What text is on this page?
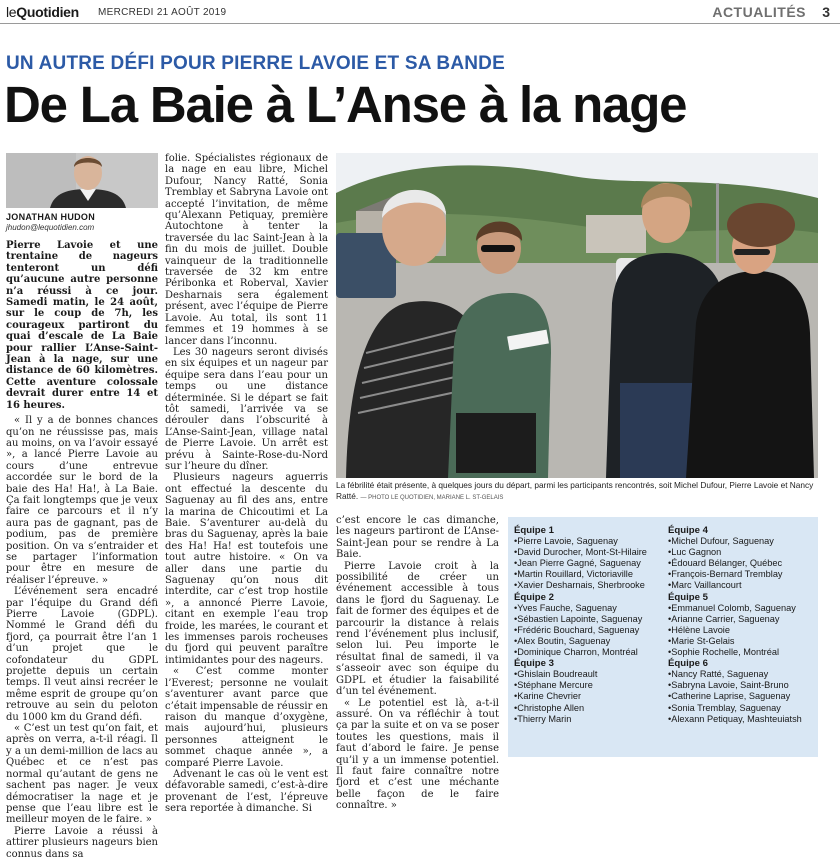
leQuotidien MERCREDI 21 AOÛT 2019	ACTUALITÉS 3
UN AUTRE DÉFI POUR PIERRE LAVOIE ET SA BANDE
De La Baie à L’Anse à la nage
JONATHAN HUDON
jhudon@lequotidien.com

Pierre Lavoie et une trentaine de nageurs tenteront un défi qu’aucune autre personne n’a réussi à ce jour. Samedi matin, le 24 août, sur le coup de 7h, les courageux partiront du quai d’escale de La Baie pour rallier L’Anse-Saint-Jean à la nage, sur une distance de 60 kilomètres. Cette aventure colossale devrait durer entre 14 et 16 heures.

« Il y a de bonnes chances qu’on ne réussisse pas, mais au moins, on va l’avoir essayé », a lancé Pierre Lavoie au cours d’une entrevue accordée sur le bord de la baie des Ha! Ha!, à La Baie. Ça fait longtemps que je veux faire ce parcours et il n’y aura pas de gagnant, pas de podium, pas de première position. On va s’entraider et se partager l’information pour être en mesure de réaliser l’épreuve. »

L’événement sera encadré par l’équipe du Grand défi Pierre Lavoie (GDPL). Nommé le Grand défi du fjord, ça pourrait être l’an 1 d’un projet que le cofondateur du GDPL projette depuis un certain temps. Il veut ainsi recréer le même esprit de groupe qu’on retrouve au sein du peloton du 1000 km du Grand défi.

« C’est un test qu’on fait, et après on verra, a-t-il réagi. Il y a un demi-million de lacs au Québec et ce n’est pas normal qu’autant de gens ne sachent pas nager. Je veux démocratiser la nage et je pense que l’eau libre est le meilleur moyen de le faire. »

Pierre Lavoie a réussi à attirer plusieurs nageurs bien connus dans sa

folie. Spécialistes régionaux de la nage en eau libre, Michel Dufour, Nancy Ratté, Sonia Tremblay et Sabryna Lavoie ont accepté l’invitation, de même qu’Alexann Petiquay, première Autochtone à tenter la traversée du lac Saint-Jean à la fin du mois de juillet. Double vainqueur de la traditionnelle traversée de 32 km entre Péribonka et Roberval, Xavier Desharnais sera également présent, avec l’équipe de Pierre Lavoie. Au total, ils sont 11 femmes et 19 hommes à se lancer dans l’inconnu.

Les 30 nageurs seront divisés en six équipes et un nageur par équipe sera dans l’eau pour un temps ou une distance déterminée. Si le départ se fait tôt samedi, l’arrivée va se dérouler dans l’obscurité à L’Anse-Saint-Jean, village natal de Pierre Lavoie. Un arrêt est prévu à Sainte-Rose-du-Nord sur l’heure du dîner.

Plusieurs nageurs aguerris ont effectué la descente du Saguenay au fil des ans, entre la marina de Chicoutimi et La Baie. S’aventurer au-delà du bras du Saguenay, après la baie des Ha! Ha! est toutefois une tout autre histoire. « On va aller dans une partie du Saguenay qu’on nous dit interdite, car c’est trop hostile », a annoncé Pierre Lavoie, citant en exemple l’eau trop froide, les marées, le courant et les immenses parois rocheuses du fjord qui peuvent paraître intimidantes pour des nageurs.

« C’est comme monter l’Everest; personne ne voulait s’aventurer avant parce que c’était impensable de réussir en raison du manque d’oxygène, mais aujourd’hui, plusieurs personnes atteignent le sommet chaque année », a comparé Pierre Lavoie.

Advenant le cas où le vent est défavorable samedi, c’est-à-dire provenant de l’est, l’épreuve sera reportée à dimanche. Si

La fébrilité était présente, à quelques jours du départ, parmi les participants rencontrés, soit Michel Dufour, Pierre Lavoie et Nancy Ratté. — PHOTO LE QUOTIDIEN, MARIANE L. ST-GELAIS

c’est encore le cas dimanche, les nageurs partiront de L’Anse-Saint-Jean pour se rendre à La Baie.

Pierre Lavoie croit à la possibilité de créer un événement accessible à tous dans le fjord du Saguenay. Le fait de former des équipes et de parcourir la distance à relais rend l’événement plus inclusif, selon lui. Peu importe le résultat final de samedi, il va s’asseoir avec son équipe du GDPL et étudier la faisabilité d’un tel événement.

« Le potentiel est là, a-t-il assuré. On va réfléchir à tout ça par la suite et on va se poser toutes les questions, mais il faut d’abord le faire. Je pense qu’il y a un immense potentiel. Il faut faire connaître notre fjord et c’est une méchante belle façon de le faire connaître. »

Équipe 1
• Pierre Lavoie, Saguenay
• David Durocher, Mont-St-Hilaire
• Jean Pierre Gagné, Saguenay
• Martin Rouillard, Victoriaville
• Xavier Desharnais, Sherbrooke
Équipe 2
• Yves Fauche, Saguenay
• Sébastien Lapointe, Saguenay
• Frédéric Bouchard, Saguenay
• Alex Boutin, Saguenay
• Dominique Charron, Montréal
Équipe 3
• Ghislain Boudreault
• Stéphane Mercure
• Karine Chevrier
• Christophe Allen
• Thierry Marin
Équipe 4
• Michel Dufour, Saguenay
• Luc Gagnon
• Édouard Bélanger, Québec
• François-Bernard Tremblay
• Marc Vaillancourt
Équipe 5
• Emmanuel Colomb, Saguenay
• Arianne Carrier, Saguenay
• Hélène Lavoie
• Marie St-Gelais
• Sophie Rochelle, Montréal
Équipe 6
• Nancy Ratté, Saguenay
• Sabryna Lavoie, Saint-Bruno
• Catherine Laprise, Saguenay
• Sonia Tremblay, Saguenay
• Alexann Petiquay, Mashteuiatsh
